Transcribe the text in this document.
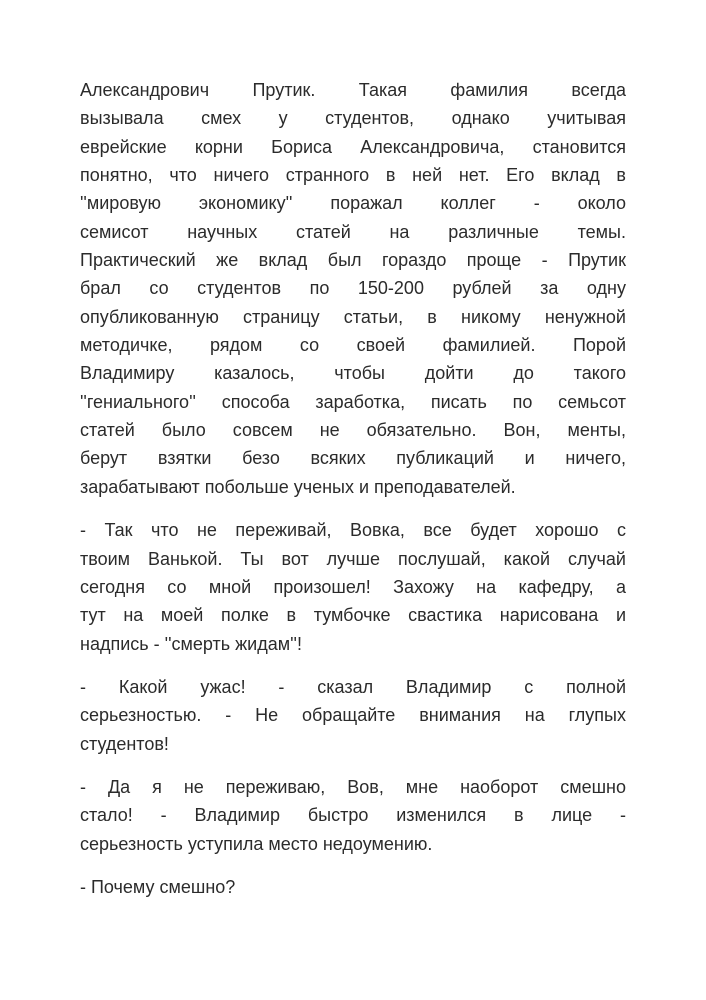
Александрович Прутик. Такая фамилия всегда
вызывала смех у студентов, однако учитывая
еврейские корни Бориса Александровича, становится
понятно, что ничего странного в ней нет. Его вклад в
''мировую экономику'' поражал коллег - около
семисот научных статей на различные темы.
Практический же вклад был гораздо проще - Прутик
брал со студентов по 150-200 рублей за одну
опубликованную страницу статьи, в никому ненужной
методичке, рядом со своей фамилией. Порой
Владимиру казалось, чтобы дойти до такого
''гениального'' способа заработка, писать по семьсот
статей было совсем не обязательно. Вон, менты,
берут взятки безо всяких публикаций и ничего,
зарабатывают побольше ученых и преподавателей.
- Так что не переживай, Вовка, все будет хорошо с
твоим Ванькой. Ты вот лучше послушай, какой случай
сегодня со мной произошел! Захожу на кафедру, а
тут на моей полке в тумбочке свастика нарисована и
надпись - ''смерть жидам''!
- Какой ужас! - сказал Владимир с полной
серьезностью. - Не обращайте внимания на глупых
студентов!
- Да я не переживаю, Вов, мне наоборот смешно
стало! - Владимир быстро изменился в лице -
серьезность уступила место недоумению.
- Почему смешно?
